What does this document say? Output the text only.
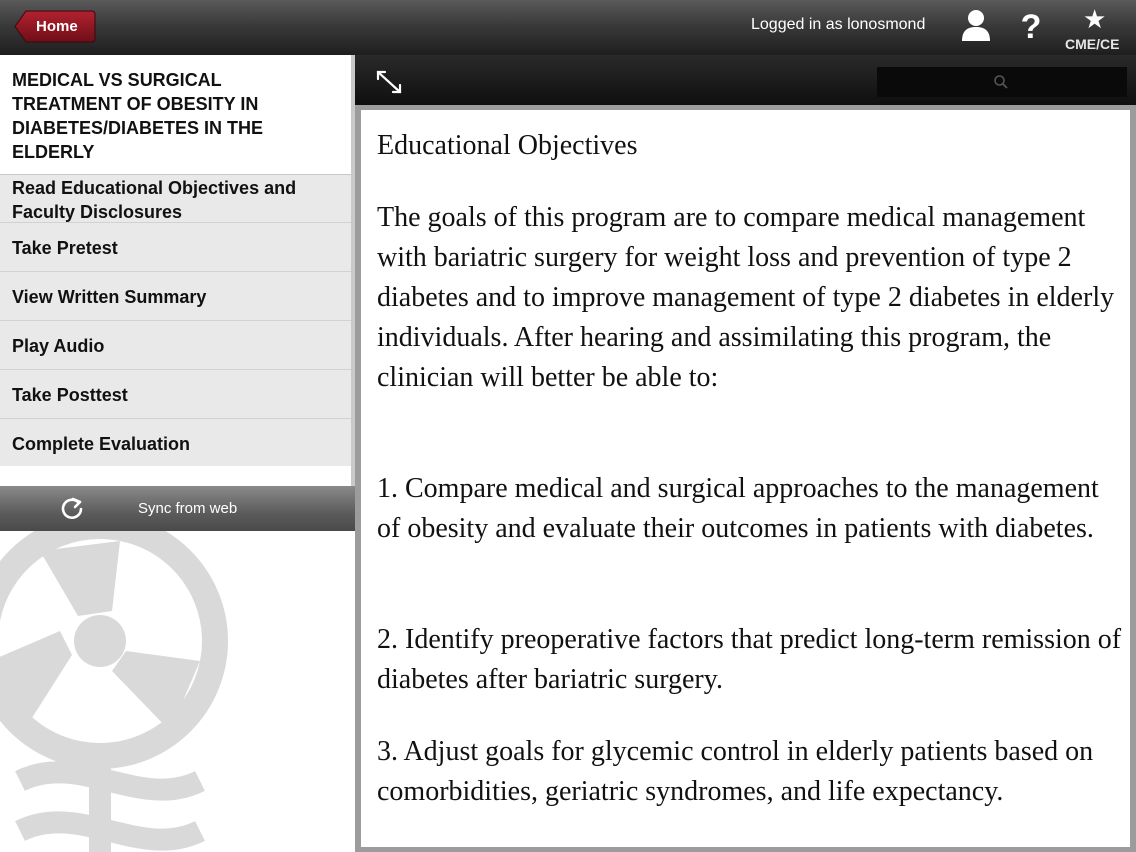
Home	Logged in as lonosmond	? ★
CME/CE
MEDICAL VS SURGICAL TREATMENT OF OBESITY IN DIABETES/DIABETES IN THE ELDERLY
Read Educational Objectives and Faculty Disclosures
Take Pretest
View Written Summary
Play Audio
Take Posttest
Complete Evaluation
Sync from web

Educational Objectives

The goals of this program are to compare medical management with bariatric surgery for weight loss and prevention of type 2 diabetes and to improve management of type 2 diabetes in elderly individuals. After hearing and assimilating this program, the clinician will better be able to:

1. Compare medical and surgical approaches to the management of obesity and evaluate their outcomes in patients with diabetes.

2. Identify preoperative factors that predict long-term remission of diabetes after bariatric surgery.

3. Adjust goals for glycemic control in elderly patients based on comorbidities, geriatric syndromes, and life expectancy.
